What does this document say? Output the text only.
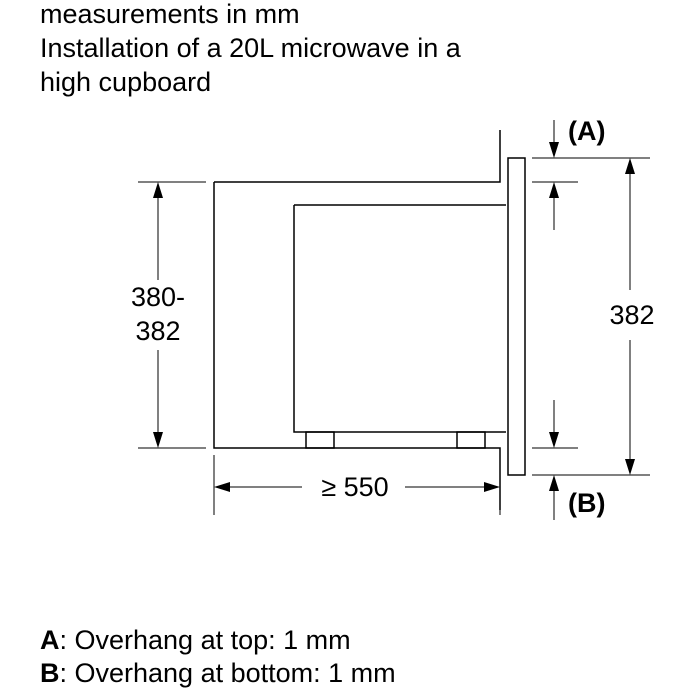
measurements in mm
Installation of a 20L microwave in a
high cupboard
380-
382
382
≥ 550
(A)
(B)
A: Overhang at top: 1 mm
B: Overhang at bottom: 1 mm
